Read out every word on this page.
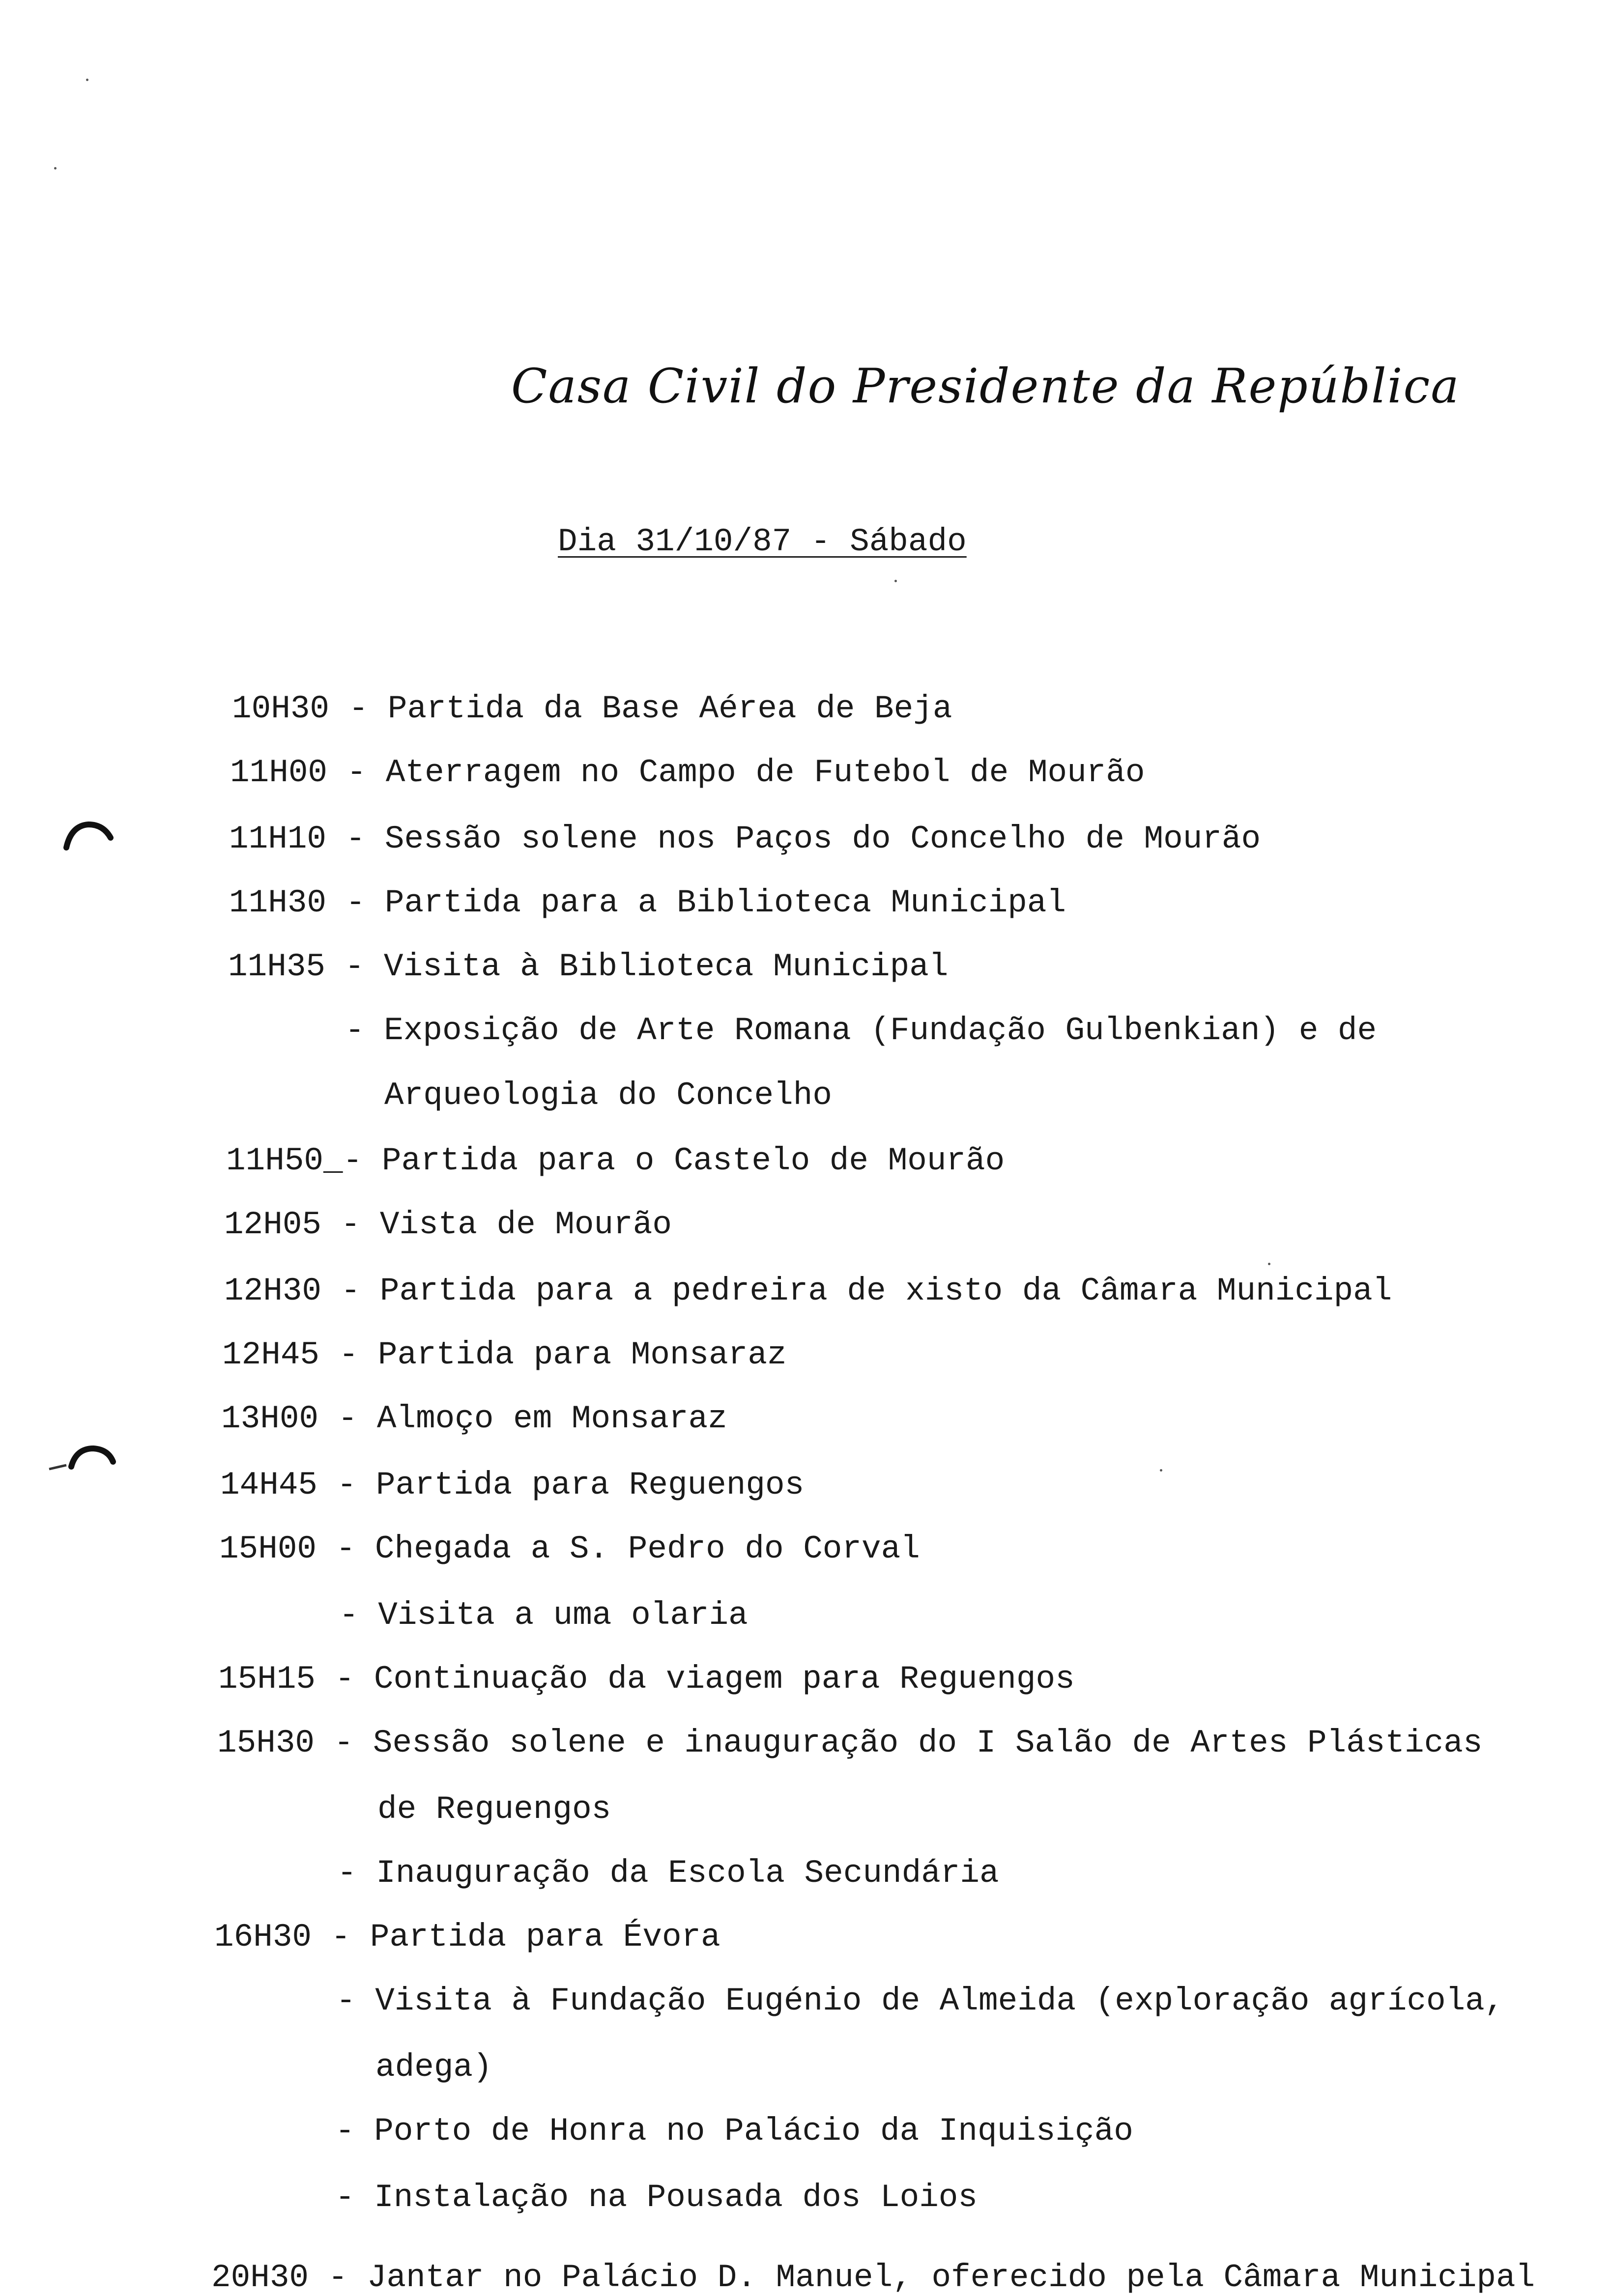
Casa Civil do Presidente da República
Dia 31/10/87 - Sábado
10H30 - Partida da Base Aérea de Beja
11H00 - Aterragem no Campo de Futebol de Mourão
11H10 - Sessão solene nos Paços do Concelho de Mourão
11H30 - Partida para a Biblioteca Municipal
11H35 - Visita à Biblioteca Municipal
- Exposição de Arte Romana (Fundação Gulbenkian) e de
Arqueologia do Concelho
11H50_- Partida para o Castelo de Mourão
12H05 - Vista de Mourão
12H30 - Partida para a pedreira de xisto da Câmara Municipal
12H45 - Partida para Monsaraz
13H00 - Almoço em Monsaraz
14H45 - Partida para Reguengos
15H00 - Chegada a S. Pedro do Corval
- Visita a uma olaria
15H15 - Continuação da viagem para Reguengos
15H30 - Sessão solene e inauguração do I Salão de Artes Plásticas
de Reguengos
- Inauguração da Escola Secundária
16H30 - Partida para Évora
- Visita à Fundação Eugénio de Almeida (exploração agrícola,
adega)
- Porto de Honra no Palácio da Inquisição
- Instalação na Pousada dos Loios
20H30 - Jantar no Palácio D. Manuel, oferecido pela Câmara Municipal
